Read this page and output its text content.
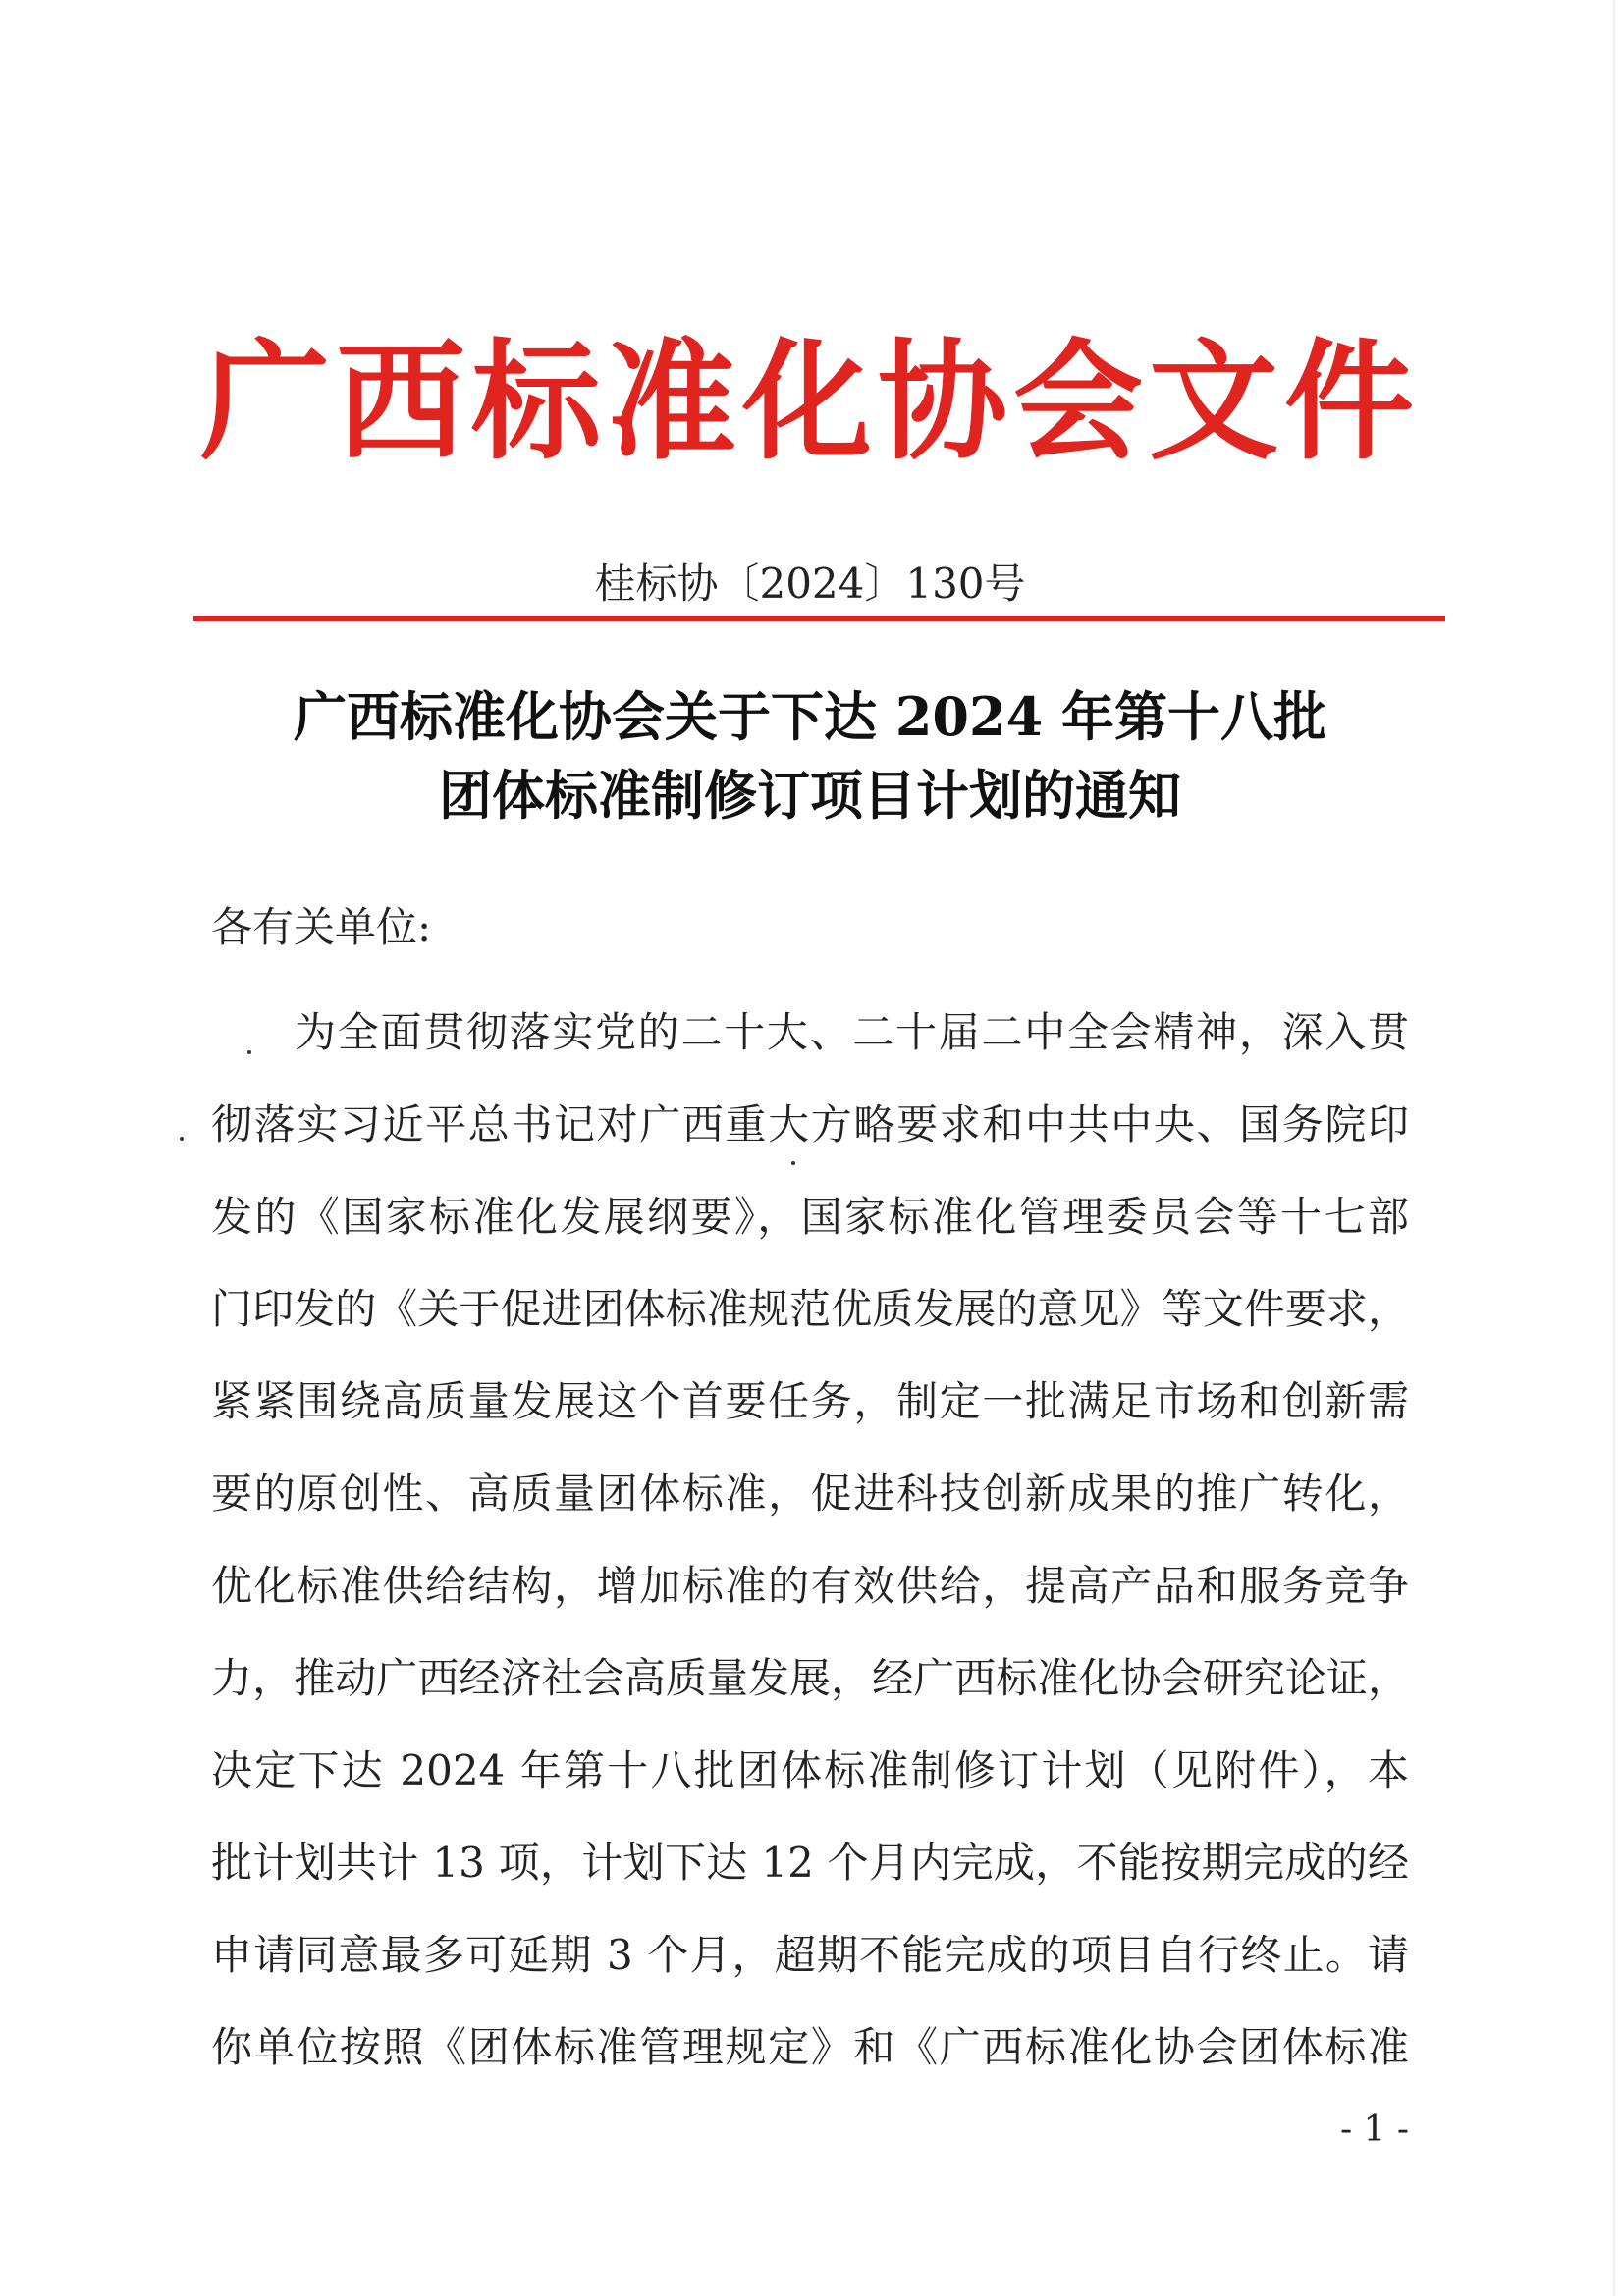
广西标准化协会文件
桂标协〔2024〕130号
广西标准化协会关于下达 2024 年第十八批
团体标准制修订项目计划的通知
各有关单位:
为全面贯彻落实党的二十大、二十届二中全会精神，深入贯
彻落实习近平总书记对广西重大方略要求和中共中央、国务院印
发的《国家标准化发展纲要》，国家标准化管理委员会等十七部
门印发的《关于促进团体标准规范优质发展的意见》等文件要求，
紧紧围绕高质量发展这个首要任务，制定一批满足市场和创新需
要的原创性、高质量团体标准，促进科技创新成果的推广转化，
优化标准供给结构，增加标准的有效供给，提高产品和服务竞争
力，推动广西经济社会高质量发展，经广西标准化协会研究论证，
决定下达 2024 年第十八批团体标准制修订计划（见附件），本
批计划共计 13 项，计划下达 12 个月内完成，不能按期完成的经
申请同意最多可延期 3 个月，超期不能完成的项目自行终止。请
你单位按照《团体标准管理规定》和《广西标准化协会团体标准
- 1 -
